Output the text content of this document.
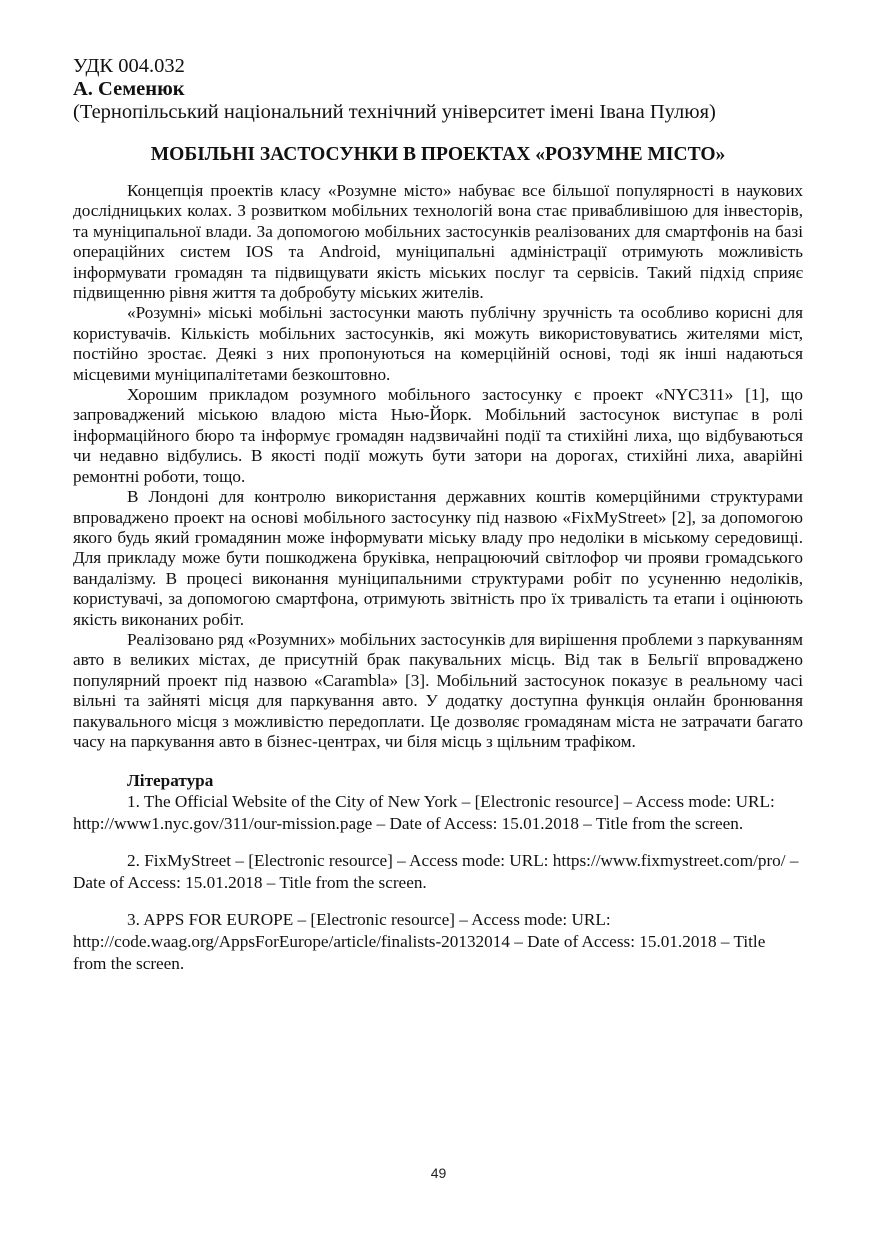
УДК 004.032

А. Семенюк

(Тернопільський національний технічний університет імені Івана Пулюя)

МОБІЛЬНІ ЗАСТОСУНКИ В ПРОЕКТАХ «РОЗУМНЕ МІСТО»

Концепція проектів класу «Розумне місто» набуває все більшої популярності в наукових дослідницьких колах. З розвитком мобільних технологій вона стає привабливішою для інвесторів, та муніципальної влади. За допомогою мобільних застосунків реалізованих для смартфонів на базі операційних систем IOS та Android, муніципальні адміністрації отримують можливість інформувати громадян та підвищувати якість міських послуг та сервісів. Такий підхід сприяє підвищенню рівня життя та добробуту міських жителів.

«Розумні» міські мобільні застосунки мають публічну зручність та особливо корисні для користувачів. Кількість мобільних застосунків, які можуть використовуватись жителями міст, постійно зростає. Деякі з них пропонуються на комерційній основі, тоді як інші надаються місцевими муніципалітетами безкоштовно.

Хорошим прикладом розумного мобільного застосунку є проект «NYC311» [1], що запроваджений міською владою міста Нью-Йорк. Мобільний застосунок виступає в ролі інформаційного бюро та інформує громадян надзвичайні події та стихійні лиха, що відбуваються чи недавно відбулись. В якості події можуть бути затори на дорогах, стихійні лиха, аварійні ремонтні роботи, тощо.

В Лондоні для контролю використання державних коштів комерційними структурами впроваджено проект на основі мобільного застосунку під назвою «FixMyStreet» [2], за допомогою якого будь який громадянин може інформувати міську владу про недоліки в міському середовищі. Для прикладу може бути пошкоджена бруківка, непрацюючий світлофор чи прояви громадського вандалізму. В процесі виконання муніципальними структурами робіт по усуненню недоліків, користувачі, за допомогою смартфона, отримують звітність про їх тривалість та етапи і оцінюють якість виконаних робіт.

Реалізовано ряд «Розумних» мобільних застосунків для вирішення проблеми з паркуванням авто в великих містах, де присутній брак пакувальних місць. Від так в Бельгії впроваджено популярний проект під назвою «Carambla» [3]. Мобільний застосунок показує в реальному часі вільні та зайняті місця для паркування авто. У додатку доступна функція онлайн бронювання пакувального місця з можливістю передоплати. Це дозволяє громадянам міста не затрачати багато часу на паркування авто в бізнес-центрах, чи біля місць з щільним трафіком.

Література

1. The Official Website of the City of New York – [Electronic resource] – Access mode: URL: http://www1.nyc.gov/311/our-mission.page – Date of Access: 15.01.2018 – Title from the screen.

2. FixMyStreet – [Electronic resource] – Access mode: URL: https://www.fixmystreet.com/pro/ – Date of Access: 15.01.2018 – Title from the screen.

3. APPS FOR EUROPE – [Electronic resource] – Access mode: URL: http://code.waag.org/AppsForEurope/article/finalists-20132014 – Date of Access: 15.01.2018 – Title from the screen.

49
